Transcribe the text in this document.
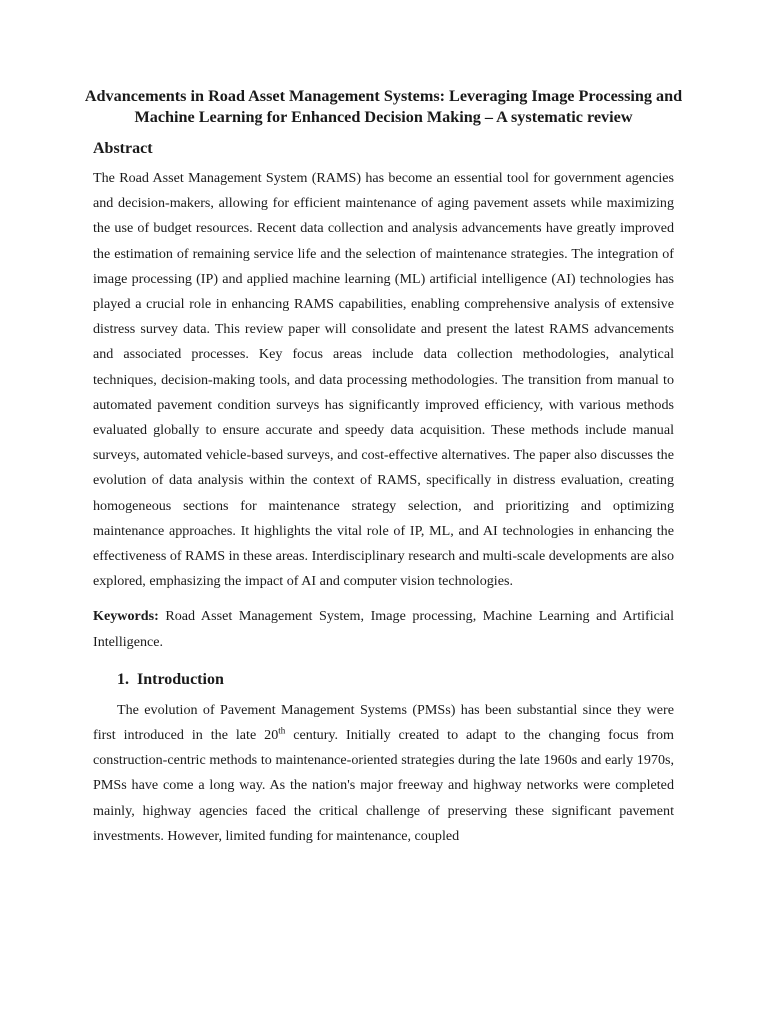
Advancements in Road Asset Management Systems: Leveraging Image Processing and Machine Learning for Enhanced Decision Making – A systematic review
Abstract

The Road Asset Management System (RAMS) has become an essential tool for government agencies and decision-makers, allowing for efficient maintenance of aging pavement assets while maximizing the use of budget resources. Recent data collection and analysis advancements have greatly improved the estimation of remaining service life and the selection of maintenance strategies. The integration of image processing (IP) and applied machine learning (ML) artificial intelligence (AI) technologies has played a crucial role in enhancing RAMS capabilities, enabling comprehensive analysis of extensive distress survey data. This review paper will consolidate and present the latest RAMS advancements and associated processes. Key focus areas include data collection methodologies, analytical techniques, decision-making tools, and data processing methodologies. The transition from manual to automated pavement condition surveys has significantly improved efficiency, with various methods evaluated globally to ensure accurate and speedy data acquisition. These methods include manual surveys, automated vehicle-based surveys, and cost-effective alternatives. The paper also discusses the evolution of data analysis within the context of RAMS, specifically in distress evaluation, creating homogeneous sections for maintenance strategy selection, and prioritizing and optimizing maintenance approaches. It highlights the vital role of IP, ML, and AI technologies in enhancing the effectiveness of RAMS in these areas. Interdisciplinary research and multi-scale developments are also explored, emphasizing the impact of AI and computer vision technologies.

Keywords: Road Asset Management System, Image processing, Machine Learning and Artificial Intelligence.

1. Introduction

The evolution of Pavement Management Systems (PMSs) has been substantial since they were first introduced in the late 20th century. Initially created to adapt to the changing focus from construction-centric methods to maintenance-oriented strategies during the late 1960s and early 1970s, PMSs have come a long way. As the nation's major freeway and highway networks were completed mainly, highway agencies faced the critical challenge of preserving these significant pavement investments. However, limited funding for maintenance, coupled
